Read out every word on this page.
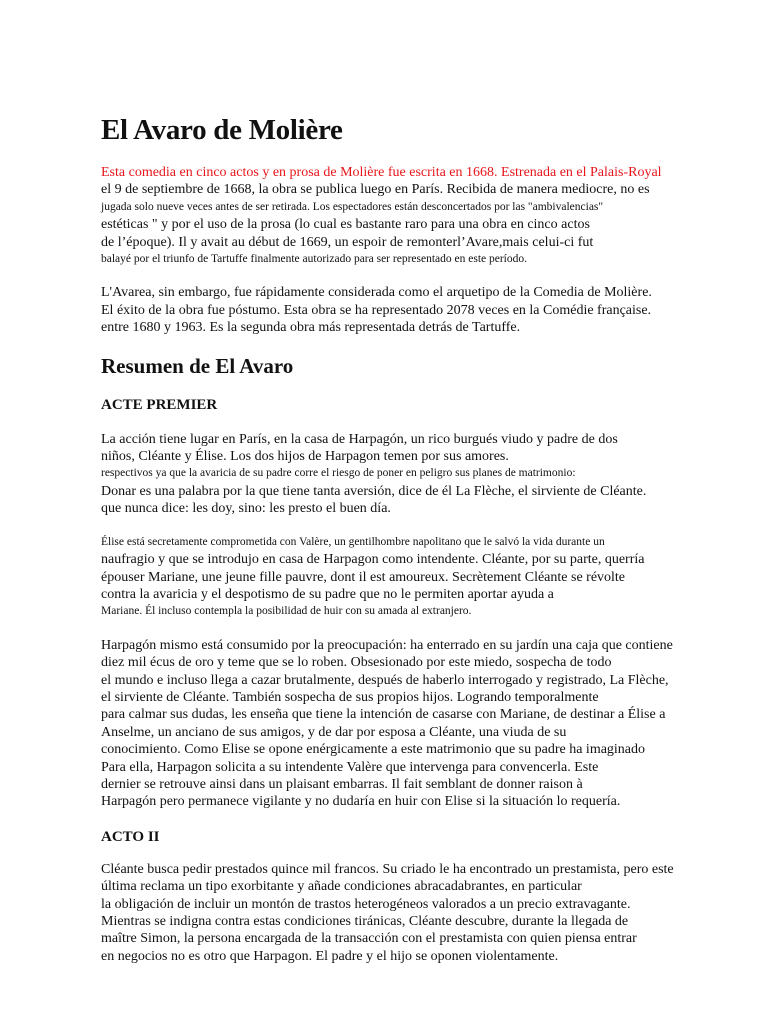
El Avaro de Molière
Esta comedia en cinco actos y en prosa de Molière fue escrita en 1668. Estrenada en el Palais-Royal
el 9 de septiembre de 1668, la obra se publica luego en París. Recibida de manera mediocre, no es
jugada solo nueve veces antes de ser retirada. Los espectadores están desconcertados por las "ambivalencias"
estéticas " y por el uso de la prosa (lo cual es bastante raro para una obra en cinco actos
de l’époque). Il y avait au début de 1669, un espoir de remonterl’Avare,mais celui-ci fut
balayé por el triunfo de Tartuffe finalmente autorizado para ser representado en este período.
L'Avarea, sin embargo, fue rápidamente considerada como el arquetipo de la Comedia de Molière.
El éxito de la obra fue póstumo. Esta obra se ha representado 2078 veces en la Comédie française.
entre 1680 y 1963. Es la segunda obra más representada detrás de Tartuffe.
Resumen de El Avaro
ACTE PREMIER
La acción tiene lugar en París, en la casa de Harpagón, un rico burgués viudo y padre de dos
niños, Cléante y Élise. Los dos hijos de Harpagon temen por sus amores.
respectivos ya que la avaricia de su padre corre el riesgo de poner en peligro sus planes de matrimonio:
Donar es una palabra por la que tiene tanta aversión, dice de él La Flèche, el sirviente de Cléante.
que nunca dice: les doy, sino: les presto el buen día.
Élise está secretamente comprometida con Valère, un gentilhombre napolitano que le salvó la vida durante un
naufragio y que se introdujo en casa de Harpagon como intendente. Cléante, por su parte, querría
épouser Mariane, une jeune fille pauvre, dont il est amoureux. Secrètement Cléante se révolte
contra la avaricia y el despotismo de su padre que no le permiten aportar ayuda a
Mariane. Él incluso contempla la posibilidad de huir con su amada al extranjero.
Harpagón mismo está consumido por la preocupación: ha enterrado en su jardín una caja que contiene
diez mil écus de oro y teme que se lo roben. Obsesionado por este miedo, sospecha de todo
el mundo e incluso llega a cazar brutalmente, después de haberlo interrogado y registrado, La Flèche,
el sirviente de Cléante. También sospecha de sus propios hijos. Logrando temporalmente
para calmar sus dudas, les enseña que tiene la intención de casarse con Mariane, de destinar a Élise a
Anselme, un anciano de sus amigos, y de dar por esposa a Cléante, una viuda de su
conocimiento. Como Elise se opone enérgicamente a este matrimonio que su padre ha imaginado
Para ella, Harpagon solicita a su intendente Valère que intervenga para convencerla. Este
dernier se retrouve ainsi dans un plaisant embarras. Il fait semblant de donner raison à
Harpagón pero permanece vigilante y no dudaría en huir con Elise si la situación lo requería.
ACTO II
Cléante busca pedir prestados quince mil francos. Su criado le ha encontrado un prestamista, pero este
última reclama un tipo exorbitante y añade condiciones abracadabrantes, en particular
la obligación de incluir un montón de trastos heterogéneos valorados a un precio extravagante.
Mientras se indigna contra estas condiciones tiránicas, Cléante descubre, durante la llegada de
maître Simon, la persona encargada de la transacción con el prestamista con quien piensa entrar
en negocios no es otro que Harpagon. El padre y el hijo se oponen violentamente.
